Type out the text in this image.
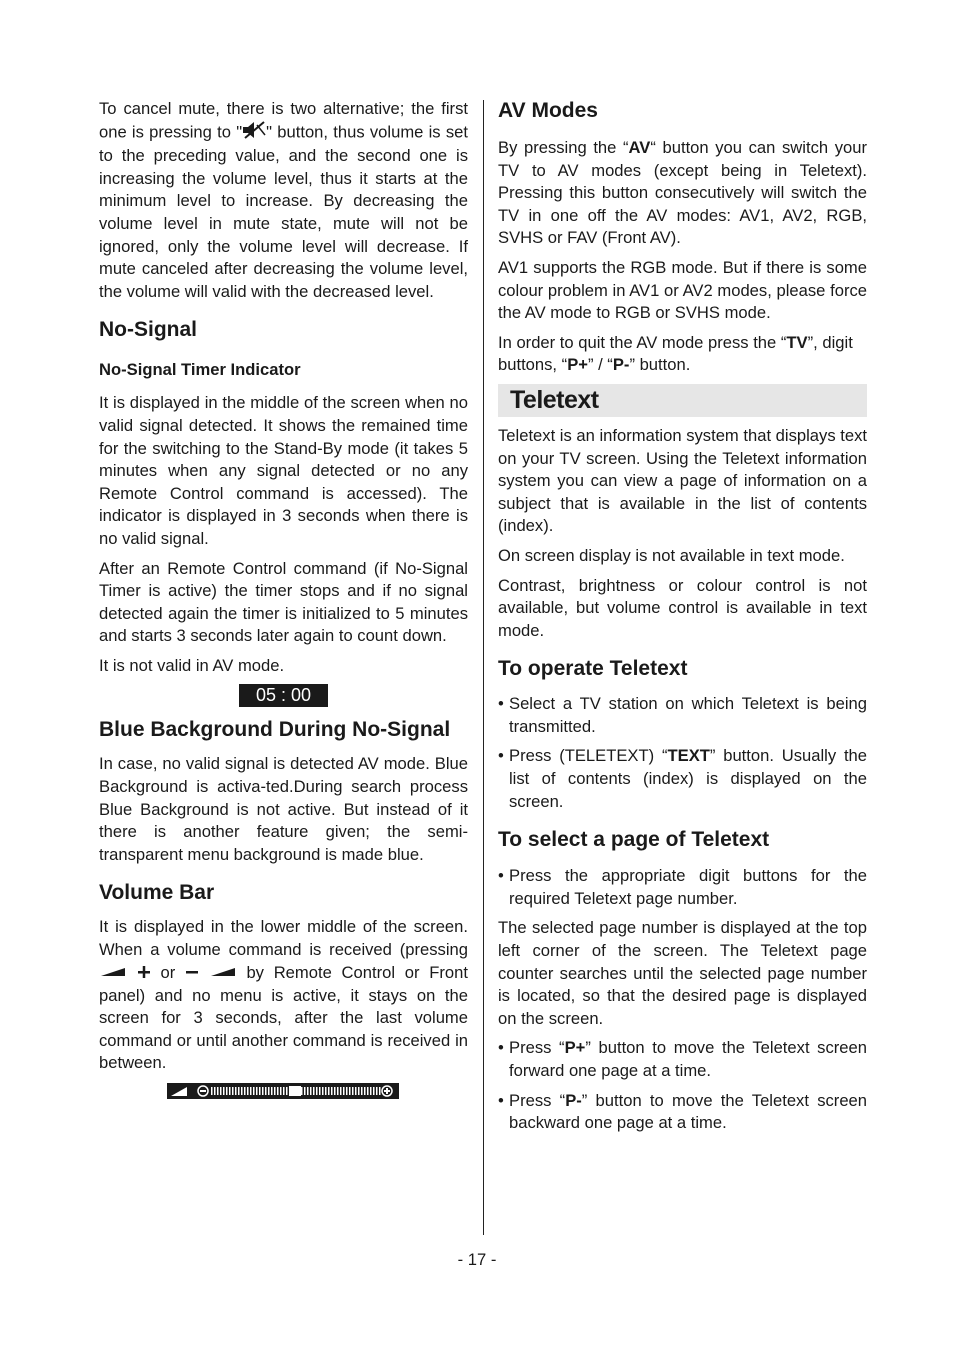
To cancel mute, there is two alternative; the first one is pressing to " " button, thus volume is set to the preceding value, and the second one is increasing the volume level, thus it starts at the minimum level to increase. By decreasing the volume level in mute state, mute will not be ignored, only the volume level will decrease. If mute canceled after decreasing the volume level, the volume will valid with the decreased level.

No-Signal
No-Signal Timer Indicator

It is displayed in the middle of the screen when no valid signal detected. It shows the remained time for the switching to the Stand-By mode (it takes 5 minutes when any signal detected or no any Remote Control command is accessed). The indicator is displayed in 3 seconds when there is no valid signal.

After an Remote Control command (if No-Signal Timer is active) the timer stops and if no signal detected again the timer is initialized to 5 minutes and starts 3 seconds later again to count down.

It is not valid in AV mode.

05 : 00
Blue Background During No-Signal

In case, no valid signal is detected AV mode. Blue Background is activa-ted.During search process Blue Background is not active. But instead of it there is another feature given; the semi-transparent menu background is made blue.

Volume Bar

It is displayed in the lower middle of the screen. When a volume command is received (pressing   or	by Remote Control or Front panel) and no menu is active, it stays on the screen for 3 seconds, after the last volume command or until another command is received in between.

AV Modes

By pressing the “AV“ button you can switch your TV to AV modes (except being in Teletext). Pressing this button consecutively will switch the TV in one off the AV modes: AV1, AV2, RGB, SVHS or FAV (Front AV).

AV1 supports the RGB mode. But if there is some colour problem in AV1 or AV2 modes, please force the AV mode to RGB or SVHS mode.

In order to quit the AV mode press the “TV”, digit buttons, “P+” / “P-” button.

Teletext

Teletext is an information system that displays text on your TV screen. Using the Teletext information system you can view a page of information on a subject that is available in the list of contents (index).

On screen display is not available in text mode.

Contrast, brightness or colour control is not available, but volume control is available in text mode.

To operate Teletext
• Select a TV station on which Teletext is being transmitted.
• Press (TELETEXT) “TEXT” button. Usually the list of contents (index) is displayed on the screen.
To select a page of Teletext
• Press the appropriate digit buttons for the required Teletext page number.

The selected page number is displayed at the top left corner of the screen. The Teletext page counter searches until the selected page number is located, so that the desired page is displayed on the screen.

• Press “P+” button to move the Teletext screen forward one page at a time.
• Press “P-” button to move the Teletext screen backward one page at a time.
- 17 -
